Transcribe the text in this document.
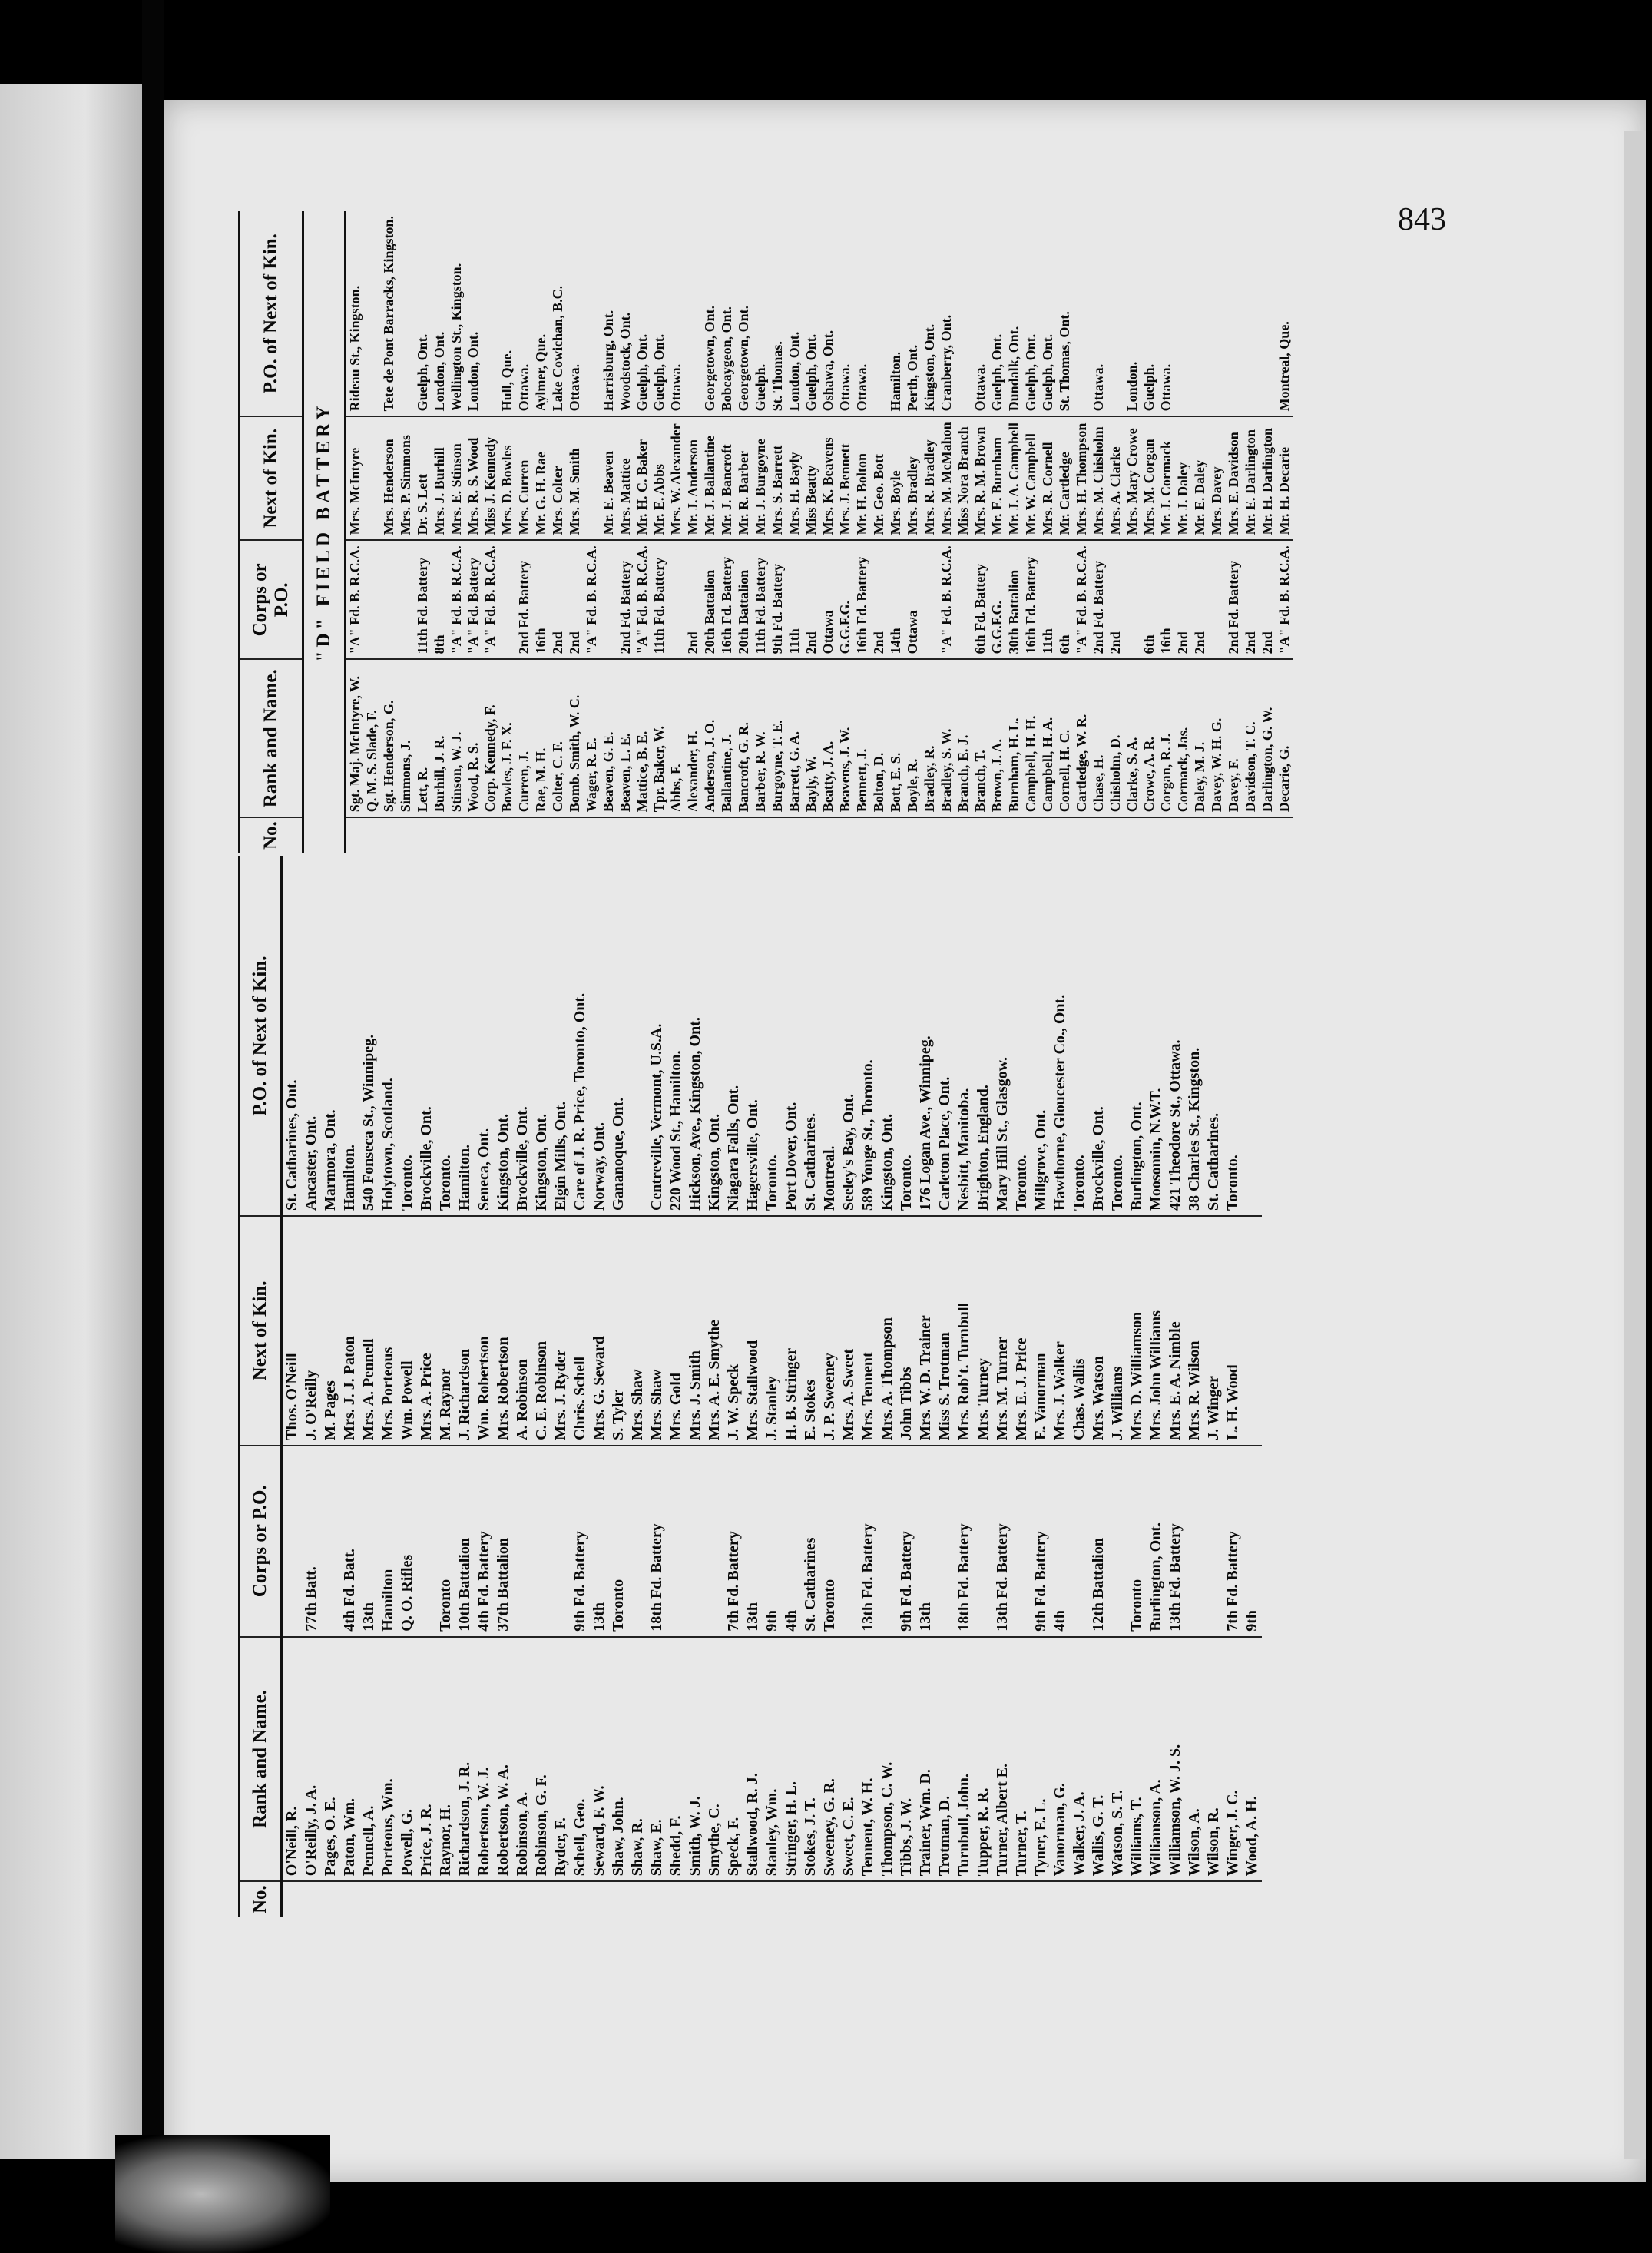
843
No.	Rank and Name.	Corps or P.O.	Next of Kin.	P.O. of Next of Kin.
	O'Neill, R.		Thos. O'Neill	St. Catharines, Ont.
	O'Reilly, J. A.	77th Batt.	J. O'Reilly	Ancaster, Ont.
	Pages, O. E.		M. Pages	Marmora, Ont.
	Paton, Wm.	4th Fd. Batt.	Mrs. J. J. Paton	Hamilton.
	Pennell, A.	13th	Mrs. A. Pennell	540 Fonseca St., Winnipeg.
	Porteous, Wm.	Hamilton	Mrs. Porteous	Holytown, Scotland.
	Powell, G.	Q. O. Rifles	Wm. Powell	Toronto.
	Price, J. R.		Mrs. A. Price	Brockville, Ont.
	Raynor, H.	Toronto	M. Raynor	Toronto.
	Richardson, J. R.	10th Battalion	J. Richardson	Hamilton.
	Robertson, W. J.	4th Fd. Battery	Wm. Robertson	Seneca, Ont.
	Robertson, W. A.	37th Battalion	Mrs. Robertson	Kingston, Ont.
	Robinson, A.		A. Robinson	Brockville, Ont.
	Robinson, G. F.		C. E. Robinson	Kingston, Ont.
	Ryder, F.		Mrs. J. Ryder	Elgin Mills, Ont.
	Schell, Geo.	9th Fd. Battery	Chris. Schell	Care of J. R. Price, Toronto, Ont.
	Seward, F. W.	13th	Mrs. G. Seward	Norway, Ont.
	Shaw, John.	Toronto	S. Tyler	Gananoque, Ont.
	Shaw, R.		Mrs. Shaw	
	Shaw, E.	18th Fd. Battery	Mrs. Shaw	Centreville, Vermont, U.S.A.
	Shedd, F.		Mrs. Gold	220 Wood St., Hamilton.
	Smith, W. J.		Mrs. J. Smith	Hickson, Ave., Kingston, Ont.
	Smythe, C.		Mrs. A. E. Smythe	Kingston, Ont.
	Speck, F.	7th Fd. Battery	J. W. Speck	Niagara Falls, Ont.
	Stallwood, R. J.	13th	Mrs. Stallwood	Hagersville, Ont.
	Stanley, Wm.	9th	J. Stanley	Toronto.
	Stringer, H. L.	4th	H. B. Stringer	Port Dover, Ont.
	Stokes, J. T.	St. Catharines	E. Stokes	St. Catharines.
	Sweeney, G. R.	Toronto	J. P. Sweeney	Montreal.
	Sweet, C. E.		Mrs. A. Sweet	Seeley's Bay, Ont.
	Tennent, W. H.	13th Fd. Battery	Mrs. Tennent	589 Yonge St., Toronto.
	Thompson, C. W.		Mrs. A. Thompson	Kingston, Ont.
	Tibbs, J. W.	9th Fd. Battery	John Tibbs	Toronto.
	Trainer, Wm. D.	13th	Mrs. W. D. Trainer	176 Logan Ave., Winnipeg.
	Trotman, D.		Miss S. Trotman	Carleton Place, Ont.
	Turnbull, John.	18th Fd. Battery	Mrs. Rob't. Turnbull	Nesbitt, Manitoba.
	Tupper, R. R.		Mrs. Turney	Brighton, England.
	Turner, Albert E.	13th Fd. Battery	Mrs. M. Turner	Mary Hill St., Glasgow.
	Turner, T.		Mrs. E. J. Price	Toronto.
	Tyner, E. L.	9th Fd. Battery	E. Vanorman	Millgrove, Ont.
	Vanorman, G.	4th	Mrs. J. Walker	Hawthorne, Gloucester Co., Ont.
	Walker, J. A.		Chas. Wallis	Toronto.
	Wallis, G. T.	12th Battalion	Mrs. Watson	Brockville, Ont.
	Watson, S. T.		J. Williams	Toronto.
	Williams, T.	Toronto	Mrs. D. Williamson	Burlington, Ont.
	Williamson, A.	Burlington, Ont.	Mrs. John Williams	Moosomin, N.W.T.
	Williamson, W. J. S.	13th Fd. Battery	Mrs. E. A. Nimble	421 Theodore St., Ottawa.
	Wilson, A.		Mrs. R. Wilson	38 Charles St., Kingston.
	Wilson, R.		J. Winger	St. Catharines.
	Winger, J. C.	7th Fd. Battery	L. H. Wood	Toronto.
	Wood, A. H.	9th		
No.	Rank and Name.	Corps or P.O.	Next of Kin.	P.O. of Next of Kin.
"D" FIELD BATTERY				
	Sgt. Maj. McIntyre, W.	"A" Fd. B. R.C.A.	Mrs. McIntyre	Rideau St., Kingston.
	Q. M. S. Slade, F.			
	Sgt. Henderson, G.		Mrs. Henderson	Tete de Pont Barracks, Kingston.
	Simmons, J.		Mrs. P. Simmons	
	Lett, R.	11th Fd. Battery	Dr. S. Lett	Guelph, Ont.
	Burhill, J. R.	8th	Mrs. J. Burhill	London, Ont.
	Stinson, W. J.	"A" Fd. B. R.C.A.	Mrs. E. Stinson	Wellington St., Kingston.
	Wood, R. S.	"A" Fd. Battery	Mrs. R. S. Wood	London, Ont.
	Corp. Kennedy, F.	"A" Fd. B. R.C.A.	Miss J. Kennedy	
	Bowles, J. F. X.		Mrs. D. Bowles	Hull, Que.
	Curren, J.	2nd Fd. Battery	Mrs. Curren	Ottawa.
	Rae, M. H.	16th	Mr. G. H. Rae	Aylmer, Que.
	Colter, C. F.	2nd	Mrs. Colter	Lake Cowichan, B.C.
	Bomb. Smith, W. C.	2nd	Mrs. M. Smith	Ottawa.
	Wager, R. E.	"A" Fd. B. R.C.A.		
	Beaven, G. E.		Mr. E. Beaven	Harrisburg, Ont.
	Beaven, L. E.	2nd Fd. Battery	Mrs. Mattice	Woodstock, Ont.
	Mattice, B. E.	"A" Fd. B. R.C.A.	Mr. H. C. Baker	Guelph, Ont.
	Tpr. Baker, W.	11th Fd. Battery	Mr. E. Abbs	Guelph, Ont.
	Abbs, F.		Mrs. W. Alexander	Ottawa.
	Alexander, H.	2nd	Mr. J. Anderson	
	Anderson, J. O.	20th Battalion	Mr. J. Ballantine	Georgetown, Ont.
	Ballantine, J.	16th Fd. Battery	Mr. J. Bancroft	Bobcaygeon, Ont.
	Bancroft, G. R.	20th Battalion	Mr. R. Barber	Georgetown, Ont.
	Barber, R. W.	11th Fd. Battery	Mr. J. Burgoyne	Guelph.
	Burgoyne, T. E.	9th Fd. Battery	Mrs. S. Barrett	St. Thomas.
	Barrett, G. A.	11th	Mrs. H. Bayly	London, Ont.
	Bayly, W.	2nd	Miss Beatty	Guelph, Ont.
	Beatty, J. A.	Ottawa	Mrs. K. Beavens	Oshawa, Ont.
	Beavens, J. W.	G.G.F.G.	Mrs. J. Bennett	Ottawa.
	Bennett, J.	16th Fd. Battery	Mr. H. Bolton	Ottawa.
	Bolton, D.	2nd	Mr. Geo. Bott	
	Bott, E. S.	14th	Mrs. Boyle	Hamilton.
	Boyle, R.	Ottawa	Mrs. Bradley	Perth, Ont.
	Bradley, R.		Mrs. R. Bradley	Kingston, Ont.
	Bradley, S. W.	"A" Fd. B. R.C.A.	Mrs. M. McMahon	Cranberry, Ont.
	Branch, E. J.		Miss Nora Branch	
	Branch, T.	6th Fd. Battery	Mrs. R. M. Brown	Ottawa.
	Brown, J. A.	G.G.F.G.	Mr. E. Burnham	Guelph, Ont.
	Burnham, H. L.	30th Battalion	Mr. J. A. Campbell	Dundalk, Ont.
	Campbell, H. H.	16th Fd. Battery	Mr. W. Campbell	Guelph, Ont.
	Campbell, H. A.	11th	Mrs. R. Cornell	Guelph, Ont.
	Cornell, H. C.	6th	Mr. Cartledge	St. Thomas, Ont.
	Cartledge, W. R.	"A" Fd. B. R.C.A.	Mrs. H. Thompson	
	Chase, H.	2nd Fd. Battery	Mrs. M. Chisholm	Ottawa.
	Chisholm, D.	2nd	Mrs. A. Clarke	
	Clarke, S. A.		Mrs. Mary Crowe	London.
	Crowe, A. R.	6th	Mrs. M. Corgan	Guelph.
	Corgan, R. J.	16th	Mr. J. Cormack	Ottawa.
	Cormack, Jas.	2nd	Mr. J. Daley	
	Daley, M. J.	2nd	Mr. E. Daley	
	Davey, W. H. G.		Mrs. Davey	
	Davey, F.	2nd Fd. Battery	Mrs. E. Davidson	
	Davidson, T. C.	2nd	Mr. E. Darlington	
	Darlington, G. W.	2nd	Mr. H. Darlington	
	Decarie, G.	"A" Fd. B. R.C.A.	Mr. H. Decarie	Montreal, Que.
